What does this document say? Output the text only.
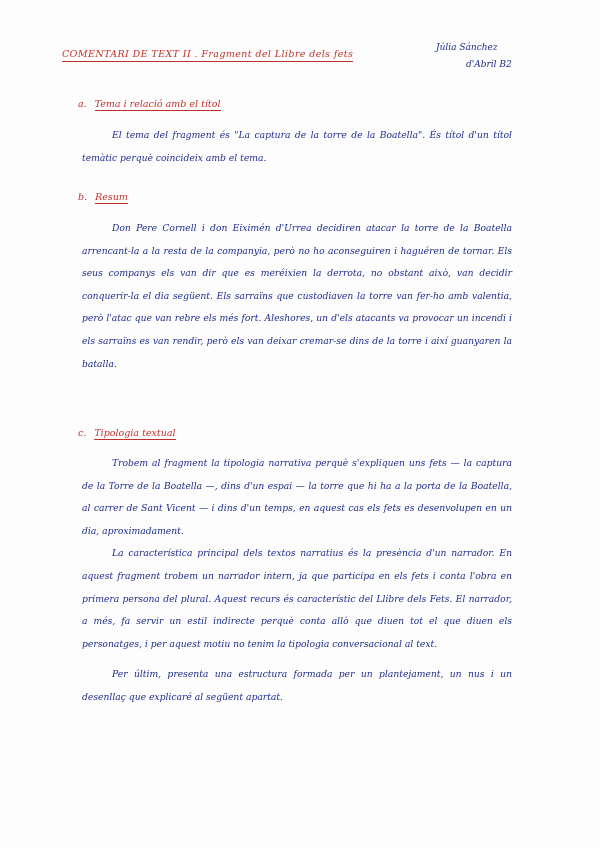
COMENTARI DE TEXT II . Fragment del Llibre dels fets
Júlia Sánchez
d'Abril B2
a. Tema i relació amb el títol

El tema del fragment és "La captura de la torre de la Boatella". És títol d'un títol temàtic perquè coincideix amb el tema.

b. Resum

Don Pere Cornell i don Eiximén d'Urrea decidiren atacar la torre de la Boatella arrencant-la a la resta de la companyia, però no ho aconseguiren i haguéren de tornar. Els seus companys els van dir que es meréixien la derrota, no obstant això, van decidir conquerir-la el dia següent. Els sarraïns que custodiaven la torre van fer-ho amb valentia, però l'atac que van rebre els més fort. Aleshores, un d'els atacants va provocar un incendi i els sarraïns es van rendir, però els van deixar cremar-se dins de la torre i així guanyaren la batalla.

c. Tipologia textual

Trobem al fragment la tipologia narrativa perquè s'expliquen uns fets — la captura de la Torre de la Boatella —, dins d'un espai — la torre que hi ha a la porta de la Boatella, al carrer de Sant Vicent — i dins d'un temps, en aquest cas els fets es desenvolupen en un dia, aproximadament.

La característica principal dels textos narratius és la presència d'un narrador. En aquest fragment trobem un narrador intern, ja que participa en els fets i conta l'obra en primera persona del plural. Aquest recurs és característic del Llibre dels Fets. El narrador, a més, fa servir un estil indirecte perquè conta allò que diuen tot el que diuen els personatges, i per aquest motiu no tenim la tipologia conversacional al text.

Per últim, presenta una estructura formada per un plantejament, un nus i un desenllaç que explicaré al següent apartat.
